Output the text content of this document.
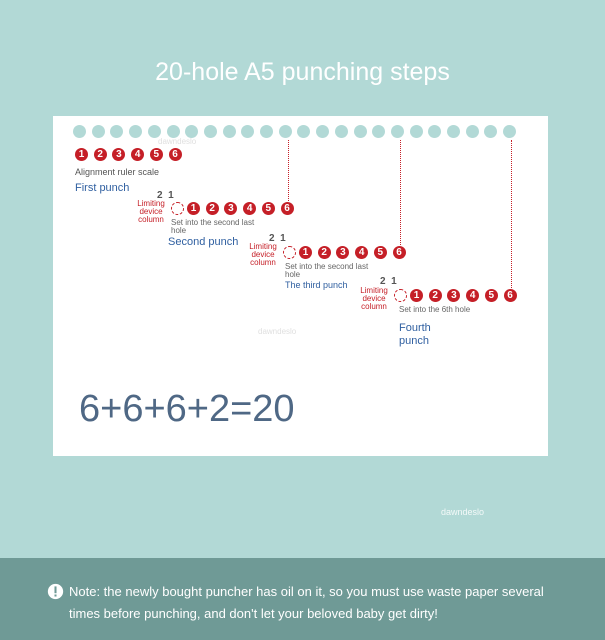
20-hole A5 punching steps
1	2	3	4	5	6
Alignment ruler scale
First punch
2 1
Limiting device column
1	2	3	4	5	6
Set into the second last hole
Second punch	2 1
Limiting device column
1	2	3	4	5	6
Set into the second last hole
The third punch	2 1
Limiting device column
1	2	3	4	5	6
Set into the 6th hole
Fourth punch
dawndeslo
dawndeslo
6+6+6+2=20
dawndeslo
Note: the newly bought puncher has oil on it, so you must use waste paper several times before punching, and don't let your beloved baby get dirty!
